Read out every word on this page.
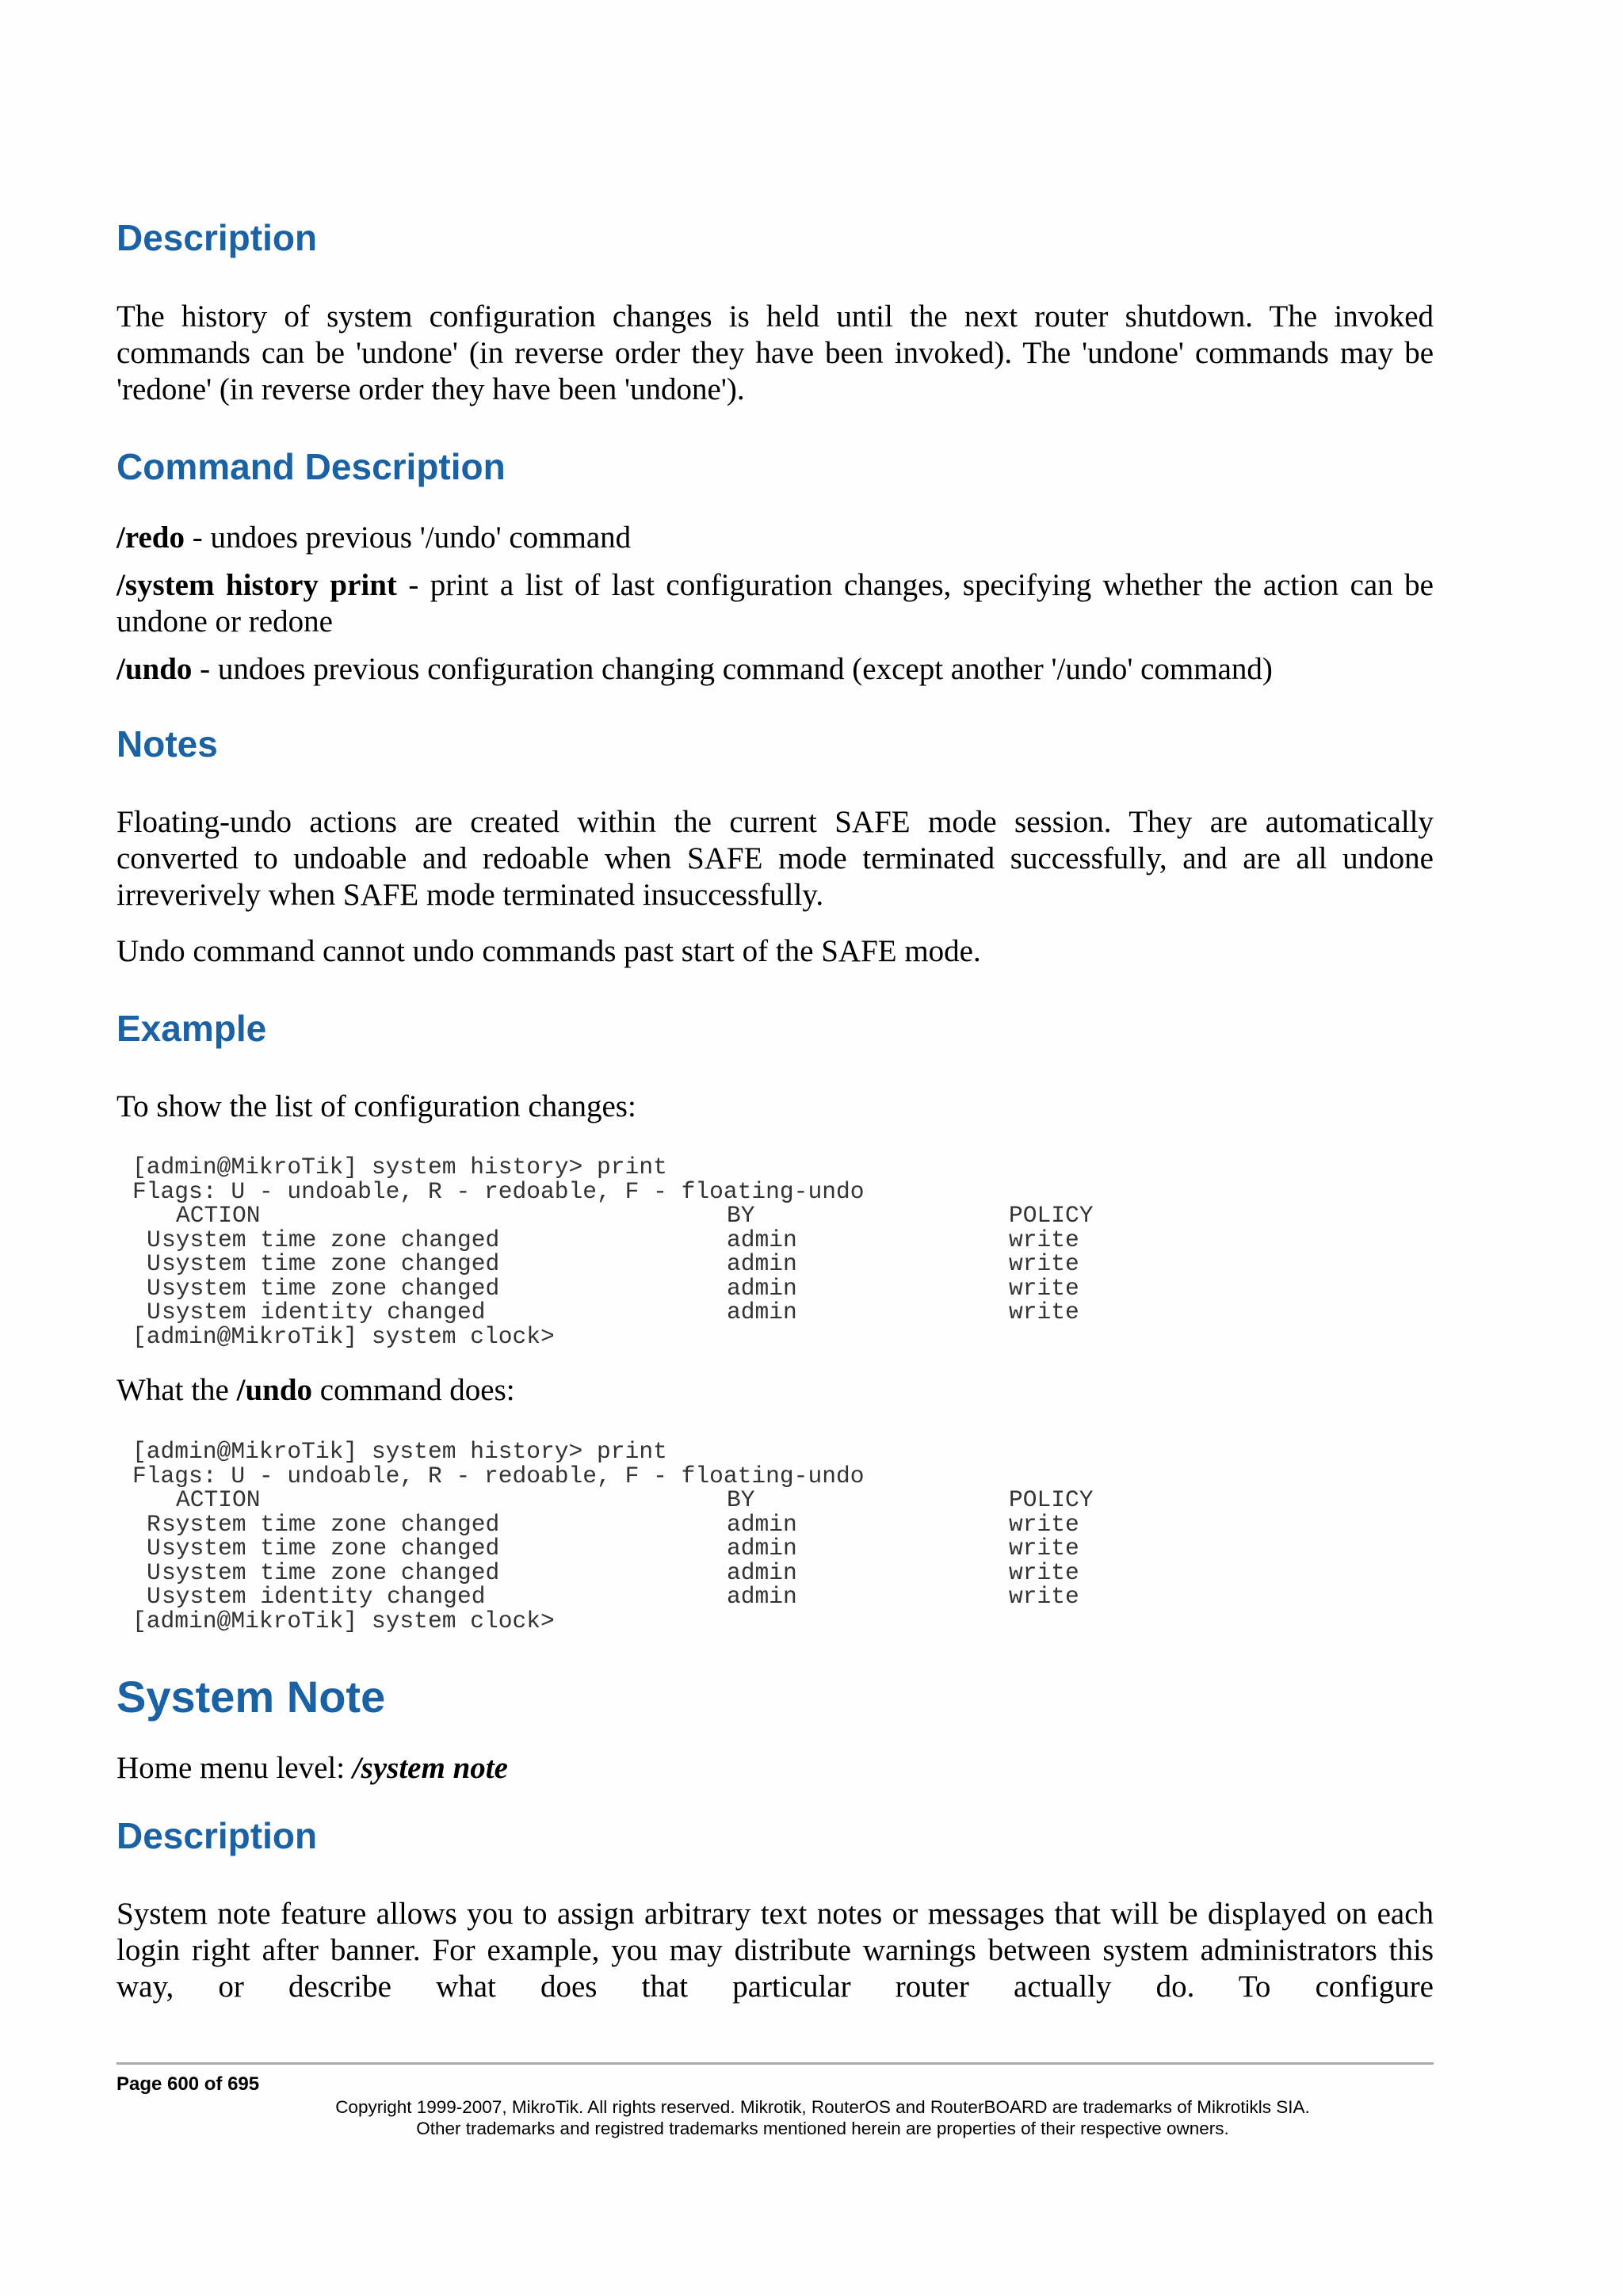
Description

The history of system configuration changes is held until the next router shutdown. The invoked commands can be 'undone' (in reverse order they have been invoked). The 'undone' commands may be 'redone' (in reverse order they have been 'undone').

Command Description

/redo - undoes previous '/undo' command

/system history print - print a list of last configuration changes, specifying whether the action can be undone or redone

/undo - undoes previous configuration changing command (except another '/undo' command)

Notes

Floating-undo actions are created within the current SAFE mode session. They are automatically converted to undoable and redoable when SAFE mode terminated successfully, and are all undone irreverively when SAFE mode terminated insuccessfully.

Undo command cannot undo commands past start of the SAFE mode.

Example

To show the list of configuration changes:

[admin@MikroTik] system history> print
Flags: U - undoable, R - redoable, F - floating-undo

ACTION	BY	POLICY
U system time zone changed	admin	write
U system time zone changed	admin	write
U system time zone changed	admin	write
U system identity changed	admin	write
[admin@MikroTik] system clock>

What the /undo command does:

[admin@MikroTik] system history> print
Flags: U - undoable, R - redoable, F - floating-undo

ACTION	BY	POLICY
R system time zone changed	admin	write
U system time zone changed	admin	write
U system time zone changed	admin	write
U system identity changed	admin	write
[admin@MikroTik] system clock>
System Note

Home menu level: /system note

Description

System note feature allows you to assign arbitrary text notes or messages that will be displayed on each login right after banner. For example, you may distribute warnings between system administrators this way, or describe what does that particular router actually do. To configure

Page 600 of 695
Copyright 1999-2007, MikroTik. All rights reserved. Mikrotik, RouterOS and RouterBOARD are trademarks of Mikrotikls SIA.
Other trademarks and registred trademarks mentioned herein are properties of their respective owners.
